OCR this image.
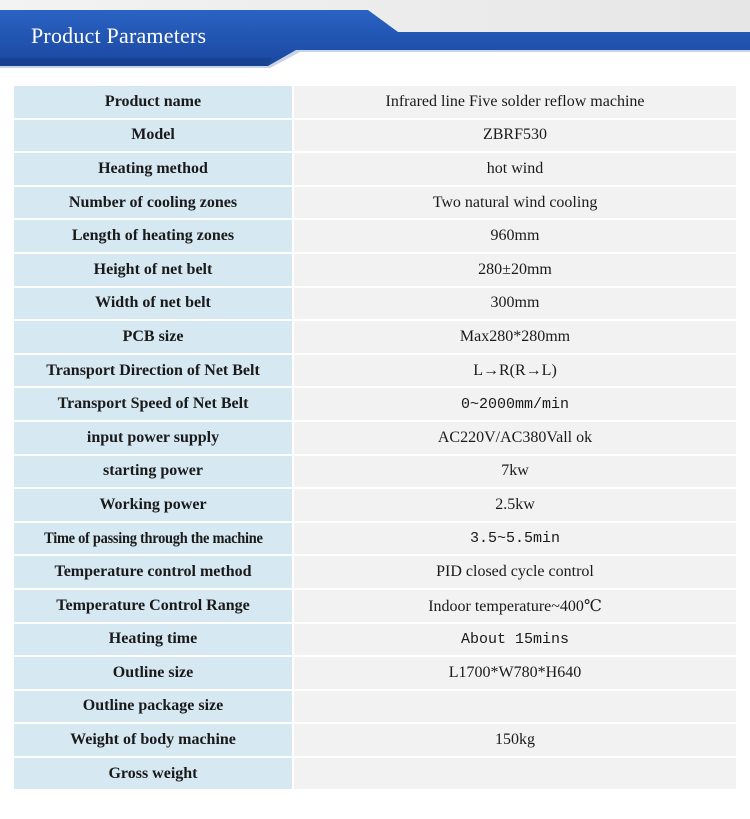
Product Parameters
Product name	Infrared line Five solder reflow machine
Model	ZBRF530
Heating method	hot wind
Number of cooling zones	Two natural wind cooling
Length of heating zones	960mm
Height of net belt	280±20mm
Width of net belt	300mm
PCB size	Max280*280mm
Transport Direction of Net Belt	L→R(R→L)
Transport Speed of Net Belt	0~2000mm/min
input power supply	AC220V/AC380Vall ok
starting power	7kw
Working power	2.5kw
Time of passing through the machine	3.5~5.5min
Temperature control method	PID closed cycle control
Temperature Control Range	Indoor temperature~400℃
Heating time	About 15mins
Outline size	L1700*W780*H640
Outline package size	
Weight of body machine	150kg
Gross weight	
